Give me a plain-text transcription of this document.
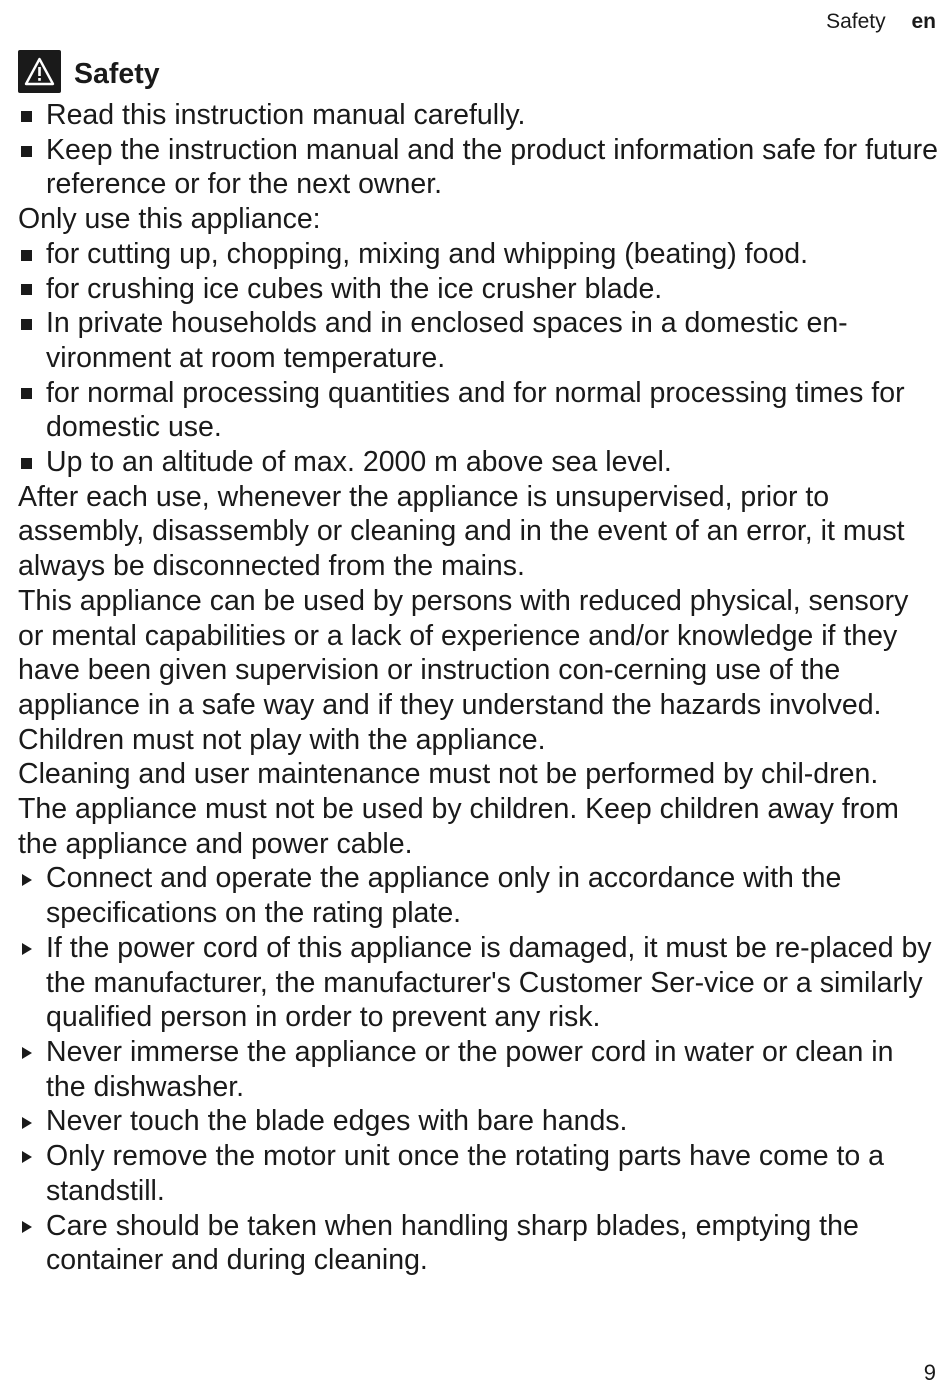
Safety en
Safety
Read this instruction manual carefully.
Keep the instruction manual and the product information safe for future reference or for the next owner.

Only use this appliance:

for cutting up, chopping, mixing and whipping (beating) food.
for crushing ice cubes with the ice crusher blade.
In private households and in enclosed spaces in a domestic en-vironment at room temperature.
for normal processing quantities and for normal processing times for domestic use.
Up to an altitude of max. 2000 m above sea level.

After each use, whenever the appliance is unsupervised, prior to assembly, disassembly or cleaning and in the event of an error, it must always be disconnected from the mains.

This appliance can be used by persons with reduced physical, sensory or mental capabilities or a lack of experience and/or knowledge if they have been given supervision or instruction con-cerning use of the appliance in a safe way and if they understand the hazards involved.

Children must not play with the appliance.

Cleaning and user maintenance must not be performed by chil-dren.

The appliance must not be used by children. Keep children away from the appliance and power cable.

Connect and operate the appliance only in accordance with the specifications on the rating plate.
If the power cord of this appliance is damaged, it must be re-placed by the manufacturer, the manufacturer's Customer Ser-vice or a similarly qualified person in order to prevent any risk.
Never immerse the appliance or the power cord in water or clean in the dishwasher.
Never touch the blade edges with bare hands.
Only remove the motor unit once the rotating parts have come to a standstill.
Care should be taken when handling sharp blades, emptying the container and during cleaning.
9
